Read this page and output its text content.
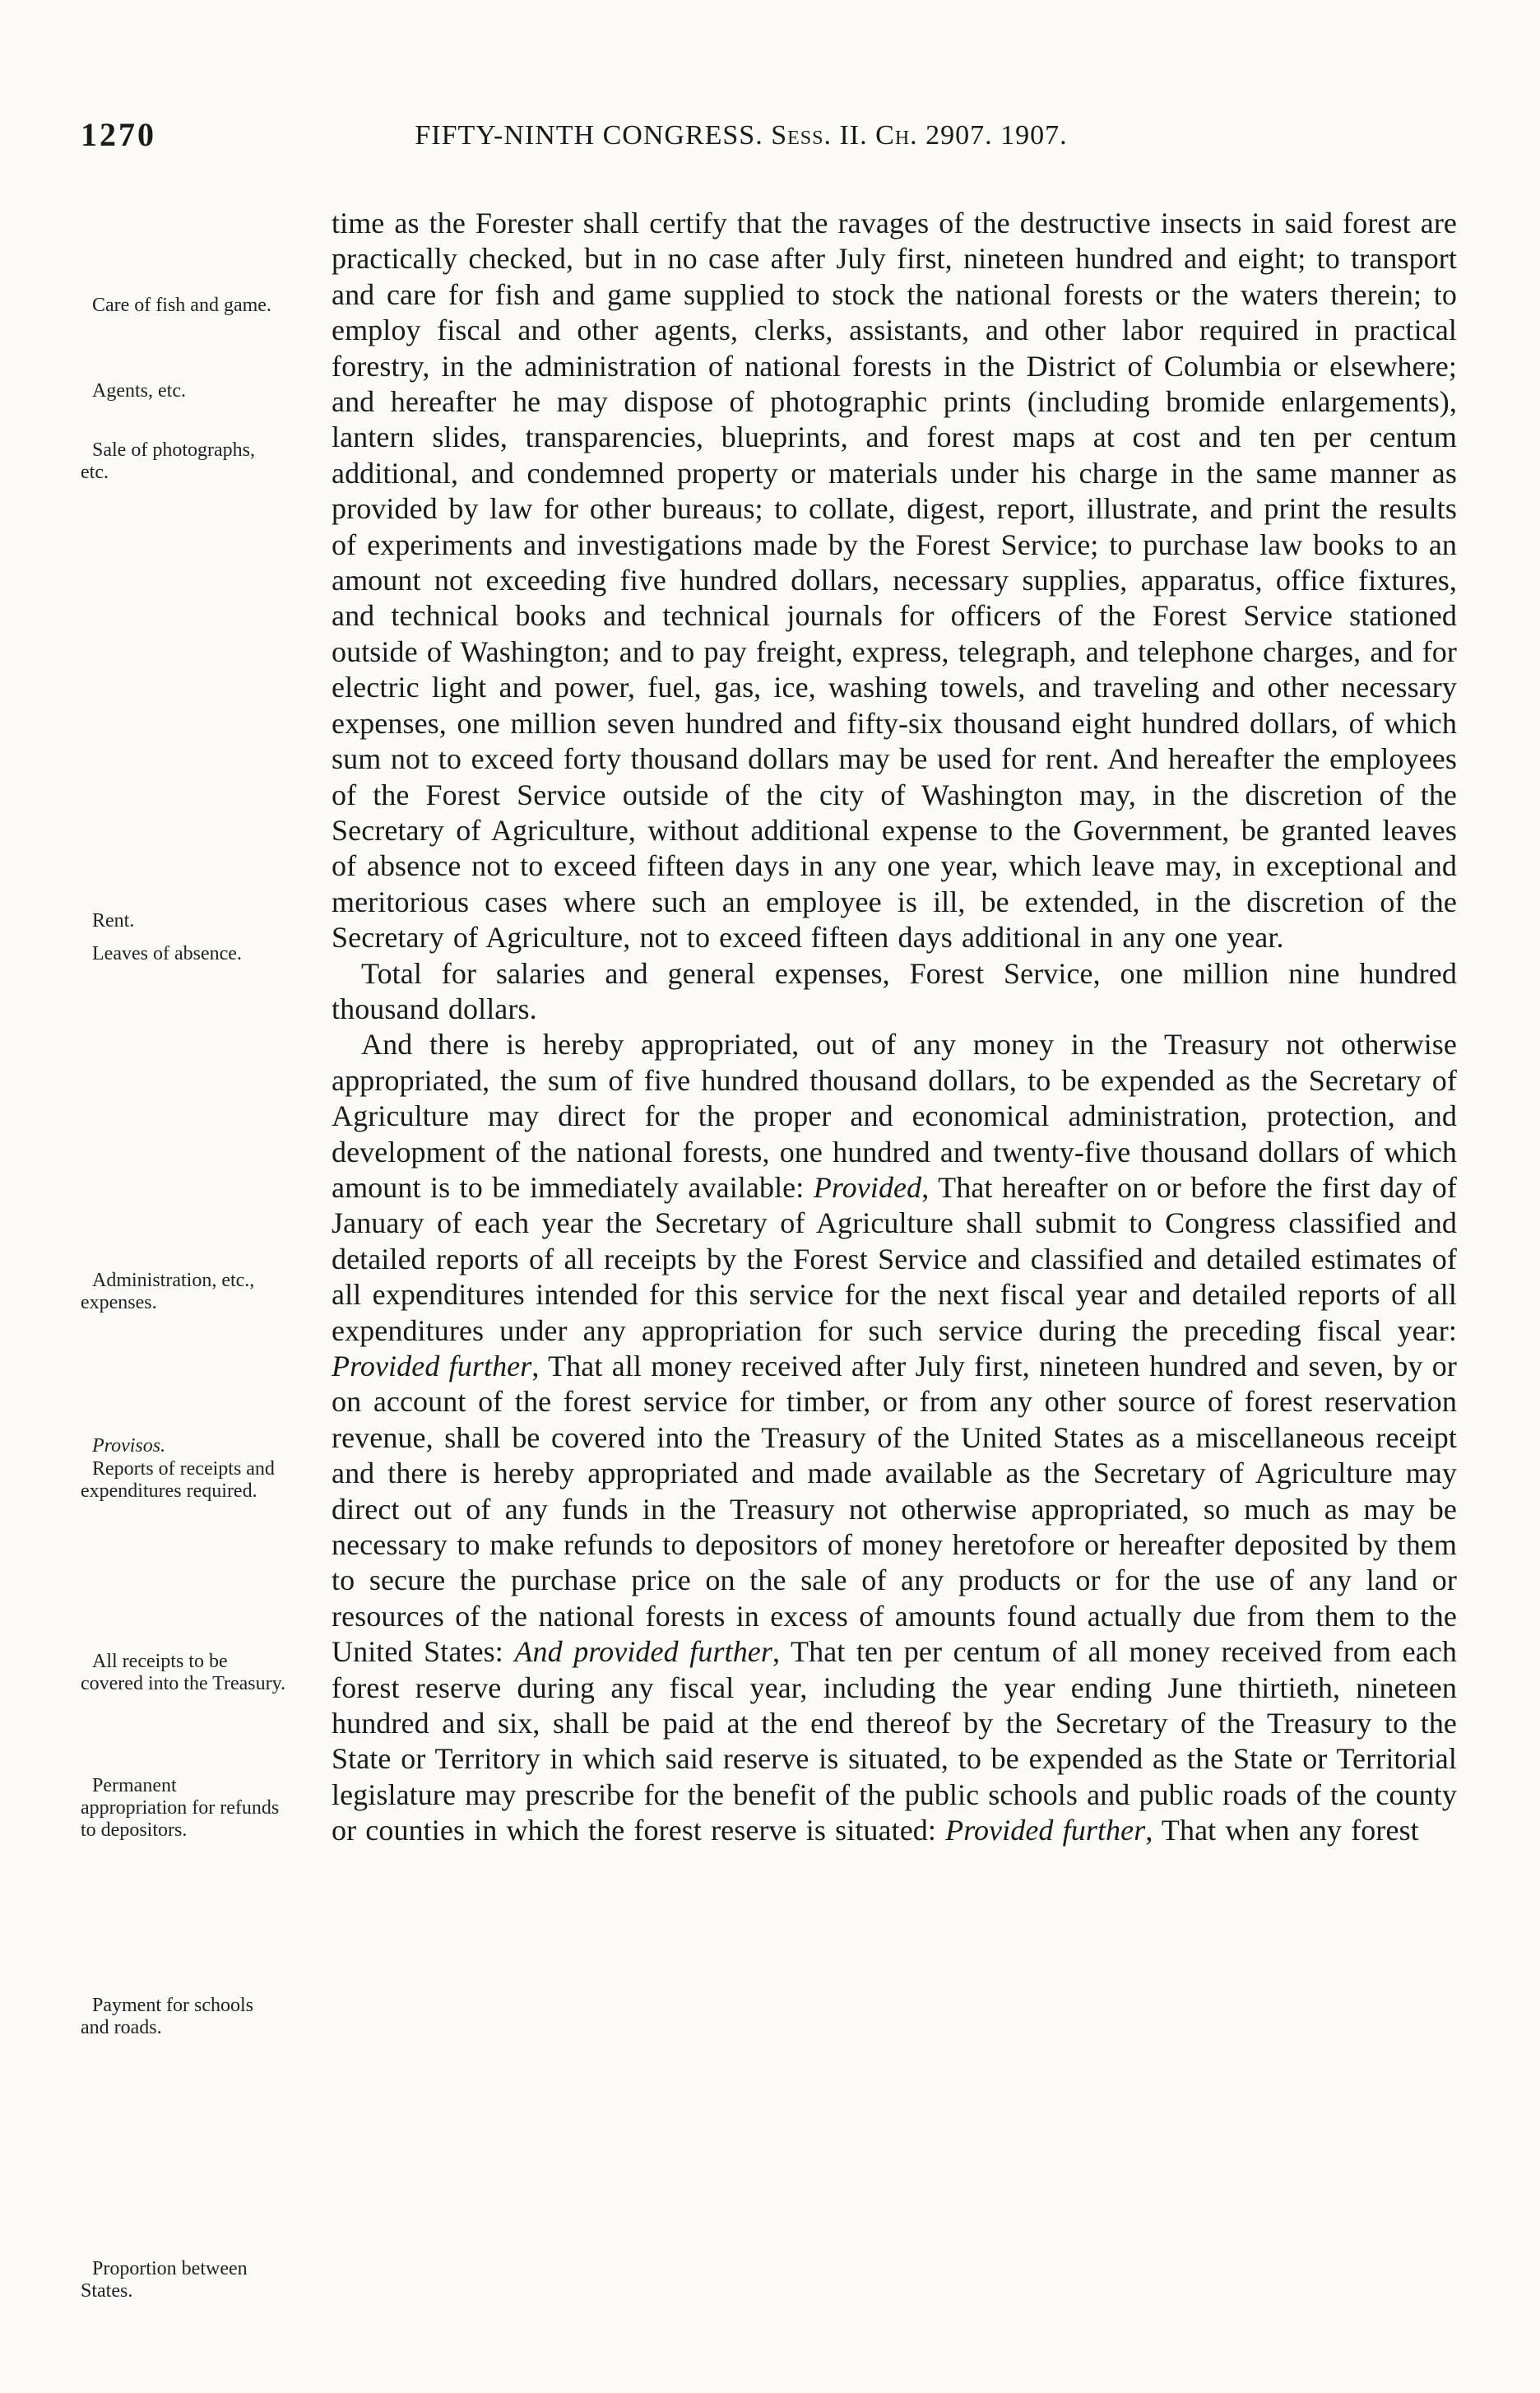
1270	FIFTY-NINTH CONGRESS. Sess. II. Ch. 2907. 1907.
Care of fish and game.
Agents, etc.
Sale of photographs, etc.
Rent.
Leaves of absence.
Administration, etc., expenses.
Provisos.
Reports of receipts and expenditures required.
All receipts to be covered into the Treasury.
Permanent appropriation for refunds to depositors.
Payment for schools and roads.
Proportion between States.

time as the Forester shall certify that the ravages of the destructive insects in said forest are practically checked, but in no case after July first, nineteen hundred and eight; to transport and care for fish and game supplied to stock the national forests or the waters therein; to employ fiscal and other agents, clerks, assistants, and other labor required in practical forestry, in the administration of national forests in the District of Columbia or elsewhere; and hereafter he may dispose of photographic prints (including bromide enlargements), lantern slides, transparencies, blueprints, and forest maps at cost and ten per centum additional, and condemned property or materials under his charge in the same manner as provided by law for other bureaus; to collate, digest, report, illustrate, and print the results of experiments and investigations made by the Forest Service; to purchase law books to an amount not exceeding five hundred dollars, necessary supplies, apparatus, office fixtures, and technical books and technical journals for officers of the Forest Service stationed outside of Washington; and to pay freight, express, telegraph, and telephone charges, and for electric light and power, fuel, gas, ice, washing towels, and traveling and other necessary expenses, one million seven hundred and fifty-six thousand eight hundred dollars, of which sum not to exceed forty thousand dollars may be used for rent. And hereafter the employees of the Forest Service outside of the city of Washington may, in the discretion of the Secretary of Agriculture, without additional expense to the Government, be granted leaves of absence not to exceed fifteen days in any one year, which leave may, in exceptional and meritorious cases where such an employee is ill, be extended, in the discretion of the Secretary of Agriculture, not to exceed fifteen days additional in any one year.

Total for salaries and general expenses, Forest Service, one million nine hundred thousand dollars.

And there is hereby appropriated, out of any money in the Treasury not otherwise appropriated, the sum of five hundred thousand dollars, to be expended as the Secretary of Agriculture may direct for the proper and economical administration, protection, and development of the national forests, one hundred and twenty-five thousand dollars of which amount is to be immediately available: Provided, That hereafter on or before the first day of January of each year the Secretary of Agriculture shall submit to Congress classified and detailed reports of all receipts by the Forest Service and classified and detailed estimates of all expenditures intended for this service for the next fiscal year and detailed reports of all expenditures under any appropriation for such service during the preceding fiscal year: Provided further, That all money received after July first, nineteen hundred and seven, by or on account of the forest service for timber, or from any other source of forest reservation revenue, shall be covered into the Treasury of the United States as a miscellaneous receipt and there is hereby appropriated and made available as the Secretary of Agriculture may direct out of any funds in the Treasury not otherwise appropriated, so much as may be necessary to make refunds to depositors of money heretofore or hereafter deposited by them to secure the purchase price on the sale of any products or for the use of any land or resources of the national forests in excess of amounts found actually due from them to the United States: And provided further, That ten per centum of all money received from each forest reserve during any fiscal year, including the year ending June thirtieth, nineteen hundred and six, shall be paid at the end thereof by the Secretary of the Treasury to the State or Territory in which said reserve is situated, to be expended as the State or Territorial legislature may prescribe for the benefit of the public schools and public roads of the county or counties in which the forest reserve is situated: Provided further, That when any forest
